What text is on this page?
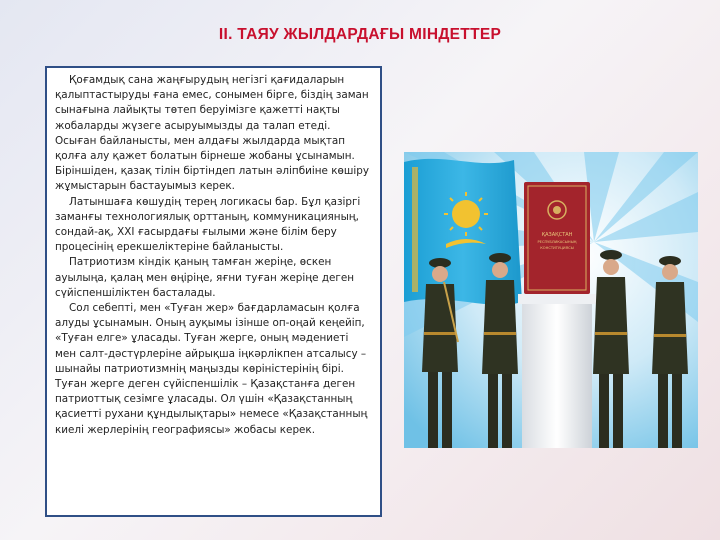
II. ТАЯУ ЖЫЛДАРДАҒЫ МІНДЕТТЕР

Қоғамдық сана жаңғырудың негізгі қағидаларын қалыптастыруды ғана емес, сонымен бірге, біздің заман сынағына лайықты төтеп беруімізге қажетті нақты жобаларды жүзеге асыруымызды да талап етеді.

Осыған байланысты, мен алдағы жылдарда мықтап қолға алу қажет болатын бірнеше жобаны ұсынамын.

Біріншіден, қазақ тілін біртіндеп латын әліпбиіне көшіру жұмыстарын бастауымыз керек.

Латыншаға көшудің терең логикасы бар. Бұл қазіргі заманғы технологиялық орттаның, коммуникацияның, сондай-ақ, XXI ғасырдағы ғылыми және білім беру процесінің ерекшеліктеріне байланысты.

Патриотизм кіндік қаның тамған жеріңе, өскен ауылыңа, қалаң мен өңіріңе, яғни туған жеріңе деген сүйіспеншіліктен басталады.

Сол себепті, мен «Туған жер» бағдарламасын қолға алуды ұсынамын. Оның ауқымы ізінше оп-оңай кеңейіп, «Туған елге» ұласады. Туған жерге, оның мәдениеті мен салт-дәстүрлеріне айрықша іңкәрлікпен атсалысу – шынайы патриотизмнің маңызды көріністерінің бірі. Туған жерге деген сүйіспеншілік – Қазақстанға деген патриоттық сезімге ұласады. Ол үшін «Қазақстанның қасиетті рухани құндылықтары» немесе «Қазақстанның киелі жерлерінің географиясы» жобасы керек.

ҚАЗАҚСТАН
РЕСПУБЛИКАСЫНЫҢ
КОНСТИТУЦИЯСЫ
